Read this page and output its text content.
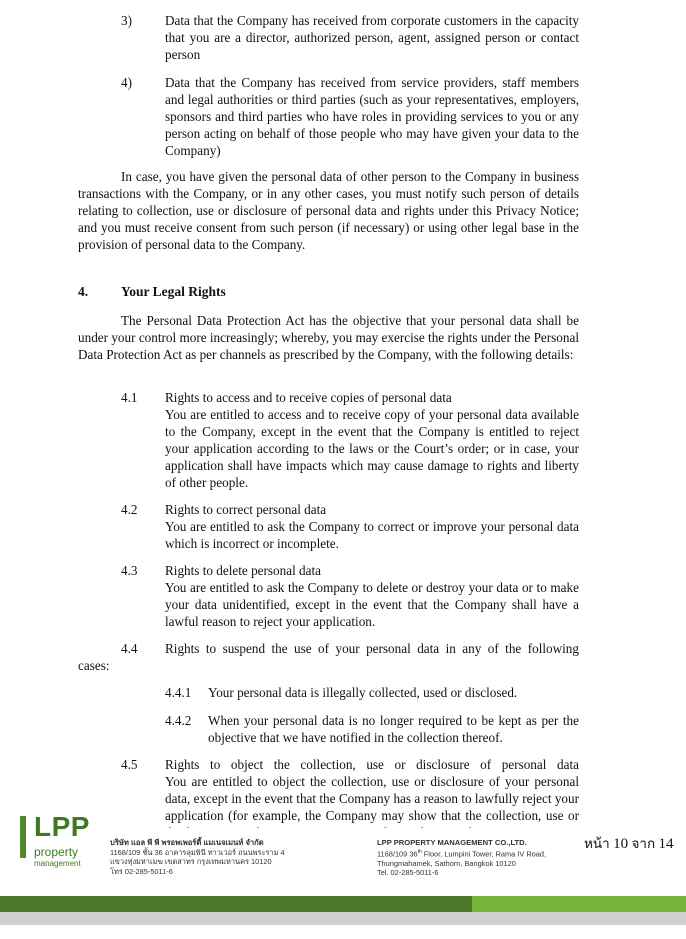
3)	Data that the Company has received from corporate customers in the capacity that you are a director, authorized person, agent, assigned person or contact person
4)	Data that the Company has received from service providers, staff members and legal authorities or third parties (such as your representatives, employers, sponsors and third parties who have roles in providing services to you or any person acting on behalf of those people who may have given your data to the Company)
In case, you have given the personal data of other person to the Company in business transactions with the Company, or in any other cases, you must notify such person of details relating to collection, use or disclosure of personal data and rights under this Privacy Notice; and you must receive consent from such person (if necessary) or using other legal base in the provision of personal data to the Company.
4. Your Legal Rights
The Personal Data Protection Act has the objective that your personal data shall be under your control more increasingly; whereby, you may exercise the rights under the Personal Data Protection Act as per channels as prescribed by the Company, with the following details:
4.1 Rights to access and to receive copies of personal data
You are entitled to access and to receive copy of your personal data available to the Company, except in the event that the Company is entitled to reject your application according to the laws or the Court’s order; or in case, your application shall have impacts which may cause damage to rights and liberty of other people.
4.2 Rights to correct personal data
You are entitled to ask the Company to correct or improve your personal data which is incorrect or incomplete.
4.3 Rights to delete personal data
You are entitled to ask the Company to delete or destroy your data or to make your data unidentified, except in the event that the Company shall have a lawful reason to reject your application.
4.4 Rights to suspend the use of your personal data in any of the following
cases:
4.4.1 Your personal data is illegally collected, used or disclosed.
4.4.2 When your personal data is no longer required to be kept as per the objective that we have notified in the collection thereof.
4.5 Rights to object the collection, use or disclosure of personal data
You are entitled to object the collection, use or disclosure of your personal data, except in the event that the Company has a reason to lawfully reject your application (for example, the Company may show that the collection, use or
LPP
property
management
บริษัท แอล พี พี พรอพเพอร์ตี้ แมเนจเมนท์ จำกัด
1168/109 ชั้น 36 อาคารลุมพินี ทาวเวอร์ ถนนพระราม 4
แขวงทุ่งมหาเมฆ เขตสาทร กรุงเทพมหานคร 10120
โทร 02-285-5011-6
LPP PROPERTY MANAGEMENT CO.,LTD.
1168/109 36th Floor, Lumpini Tower, Rama IV Road,
Thungmahamek, Sathorn, Bangkok 10120
Tel. 02-285-5011-6
หน้า 10 จาก 14
